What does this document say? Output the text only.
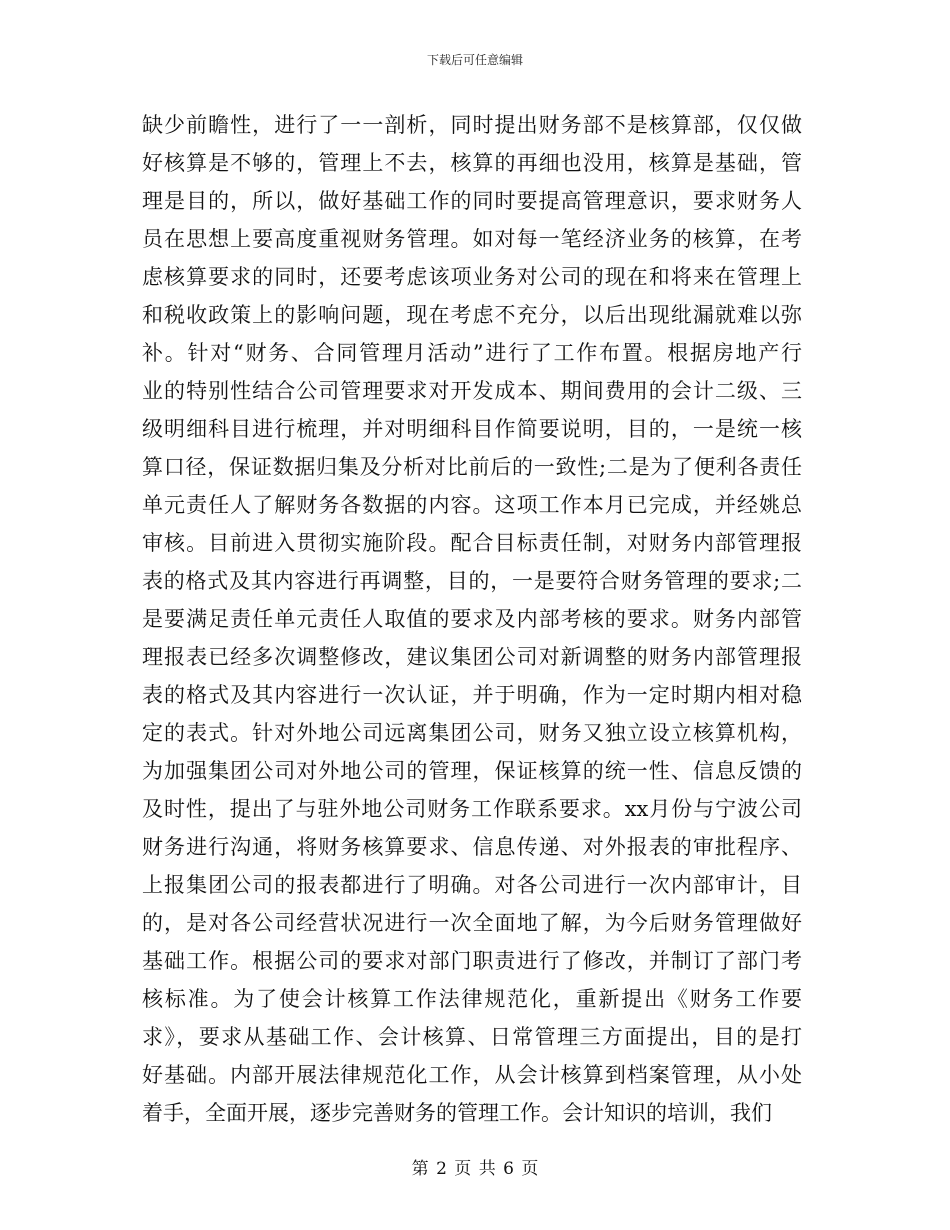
下载后可任意编辑
缺少前瞻性，进行了一一剖析，同时提出财务部不是核算部，仅仅做
好核算是不够的，管理上不去，核算的再细也没用，核算是基础，管
理是目的，所以，做好基础工作的同时要提高管理意识，要求财务人
员在思想上要高度重视财务管理。如对每一笔经济业务的核算，在考
虑核算要求的同时，还要考虑该项业务对公司的现在和将来在管理上
和税收政策上的影响问题，现在考虑不充分，以后出现纰漏就难以弥
补。针对“财务、合同管理月活动”进行了工作布置。根据房地产行
业的特别性结合公司管理要求对开发成本、期间费用的会计二级、三
级明细科目进行梳理，并对明细科目作简要说明，目的，一是统一核
算口径，保证数据归集及分析对比前后的一致性;二是为了便利各责任
单元责任人了解财务各数据的内容。这项工作本月已完成，并经姚总
审核。目前进入贯彻实施阶段。配合目标责任制，对财务内部管理报
表的格式及其内容进行再调整，目的，一是要符合财务管理的要求;二
是要满足责任单元责任人取值的要求及内部考核的要求。财务内部管
理报表已经多次调整修改，建议集团公司对新调整的财务内部管理报
表的格式及其内容进行一次认证，并于明确，作为一定时期内相对稳
定的表式。针对外地公司远离集团公司，财务又独立设立核算机构，
为加强集团公司对外地公司的管理，保证核算的统一性、信息反馈的
及时性，提出了与驻外地公司财务工作联系要求。xx月份与宁波公司
财务进行沟通，将财务核算要求、信息传递、对外报表的审批程序、
上报集团公司的报表都进行了明确。对各公司进行一次内部审计，目
的，是对各公司经营状况进行一次全面地了解，为今后财务管理做好
基础工作。根据公司的要求对部门职责进行了修改，并制订了部门考
核标准。为了使会计核算工作法律规范化，重新提出《财务工作要
求》，要求从基础工作、会计核算、日常管理三方面提出，目的是打
好基础。内部开展法律规范化工作，从会计核算到档案管理，从小处
着手，全面开展，逐步完善财务的管理工作。会计知识的培训，我们
第 2 页 共 6 页
